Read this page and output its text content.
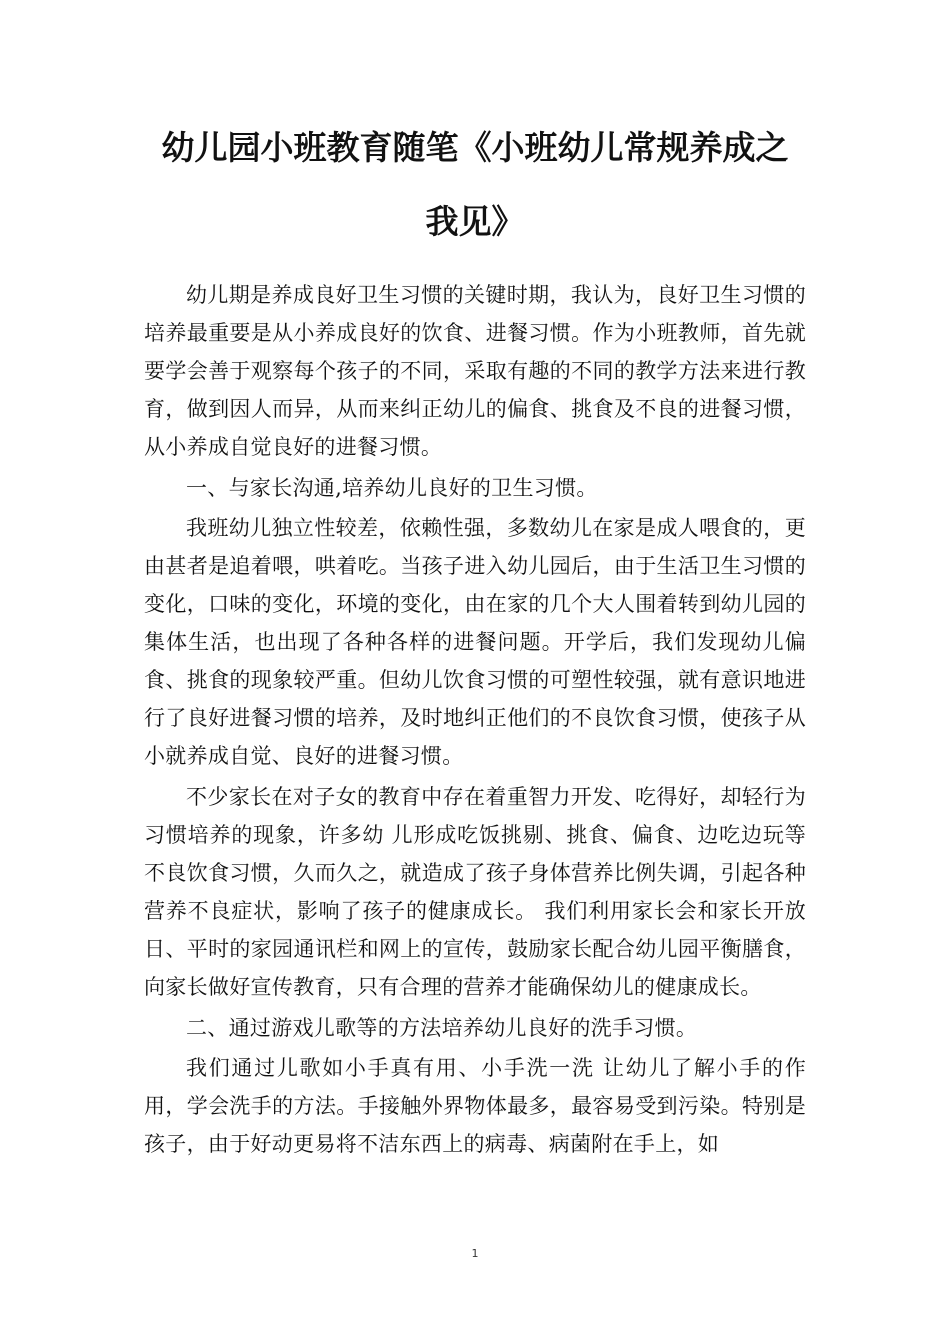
幼儿园小班教育随笔《小班幼儿常规养成之
我见》

幼儿期是养成良好卫生习惯的关键时期，我认为，良好卫生习惯的培养最重要是从小养成良好的饮食、进餐习惯。作为小班教师，首先就要学会善于观察每个孩子的不同，采取有趣的不同的教学方法来进行教育，做到因人而异，从而来纠正幼儿的偏食、挑食及不良的进餐习惯，从小养成自觉良好的进餐习惯。

一、与家长沟通,培养幼儿良好的卫生习惯。

我班幼儿独立性较差，依赖性强，多数幼儿在家是成人喂食的，更由甚者是追着喂，哄着吃。当孩子进入幼儿园后，由于生活卫生习惯的变化，口味的变化，环境的变化，由在家的几个大人围着转到幼儿园的集体生活，也出现了各种各样的进餐问题。开学后，我们发现幼儿偏食、挑食的现象较严重。但幼儿饮食习惯的可塑性较强，就有意识地进行了良好进餐习惯的培养，及时地纠正他们的不良饮食习惯，使孩子从小就养成自觉、良好的进餐习惯。

不少家长在对子女的教育中存在着重智力开发、吃得好，却轻行为习惯培养的现象，许多幼 儿形成吃饭挑剔、挑食、偏食、边吃边玩等不良饮食习惯，久而久之，就造成了孩子身体营养比例失调，引起各种营养不良症状，影响了孩子的健康成长。 我们利用家长会和家长开放日、平时的家园通讯栏和网上的宣传，鼓励家长配合幼儿园平衡膳食，向家长做好宣传教育，只有合理的营养才能确保幼儿的健康成长。

二、通过游戏儿歌等的方法培养幼儿良好的洗手习惯。

我们通过儿歌如小手真有用、小手洗一洗 让幼儿了解小手的作用，学会洗手的方法。手接触外界物体最多，最容易受到污染。特别是孩子，由于好动更易将不洁东西上的病毒、病菌附在手上，如

1
